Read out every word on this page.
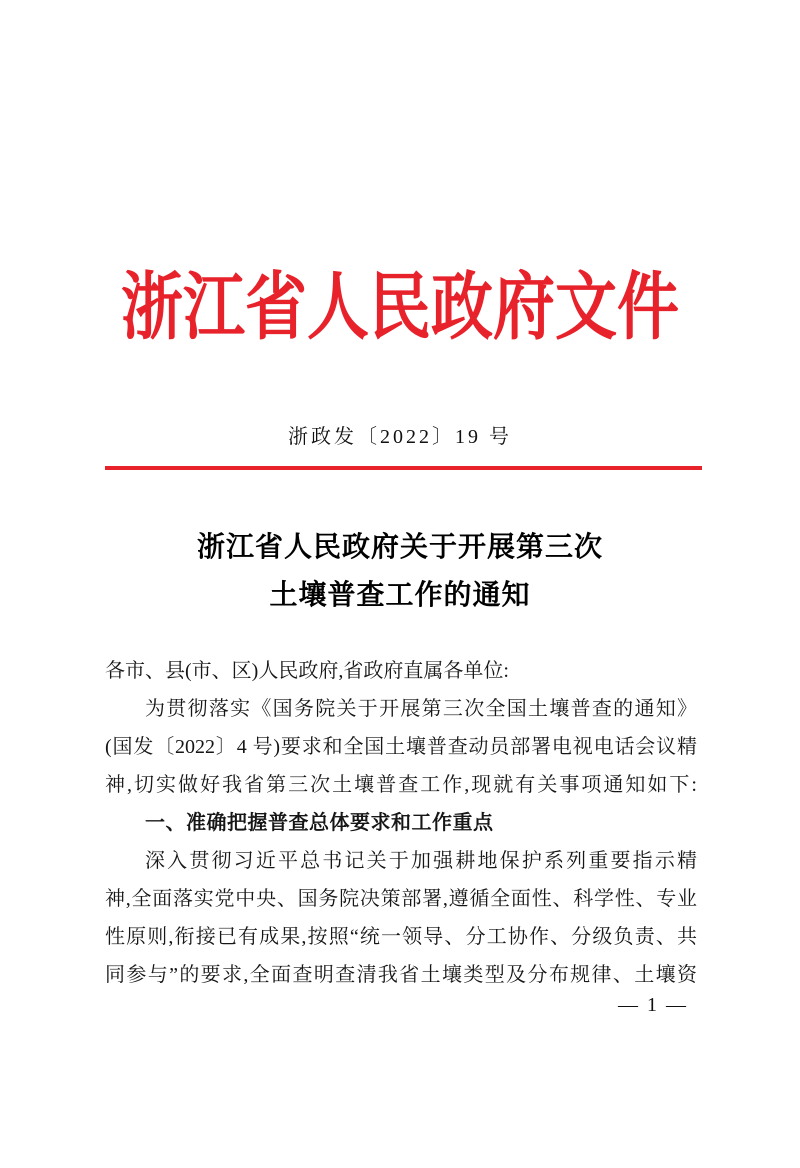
浙江省人民政府文件
浙政发〔2022〕19 号
浙江省人民政府关于开展第三次
土壤普查工作的通知
各市、县(市、区)人民政府,省政府直属各单位:
为贯彻落实《国务院关于开展第三次全国土壤普查的通知》
(国发〔2022〕4 号)要求和全国土壤普查动员部署电视电话会议精
神,切实做好我省第三次土壤普查工作,现就有关事项通知如下:
一、准确把握普查总体要求和工作重点
深入贯彻习近平总书记关于加强耕地保护系列重要指示精
神,全面落实党中央、国务院决策部署,遵循全面性、科学性、专业
性原则,衔接已有成果,按照“统一领导、分工协作、分级负责、共
同参与”的要求,全面查明查清我省土壤类型及分布规律、土壤资
— 1 —
